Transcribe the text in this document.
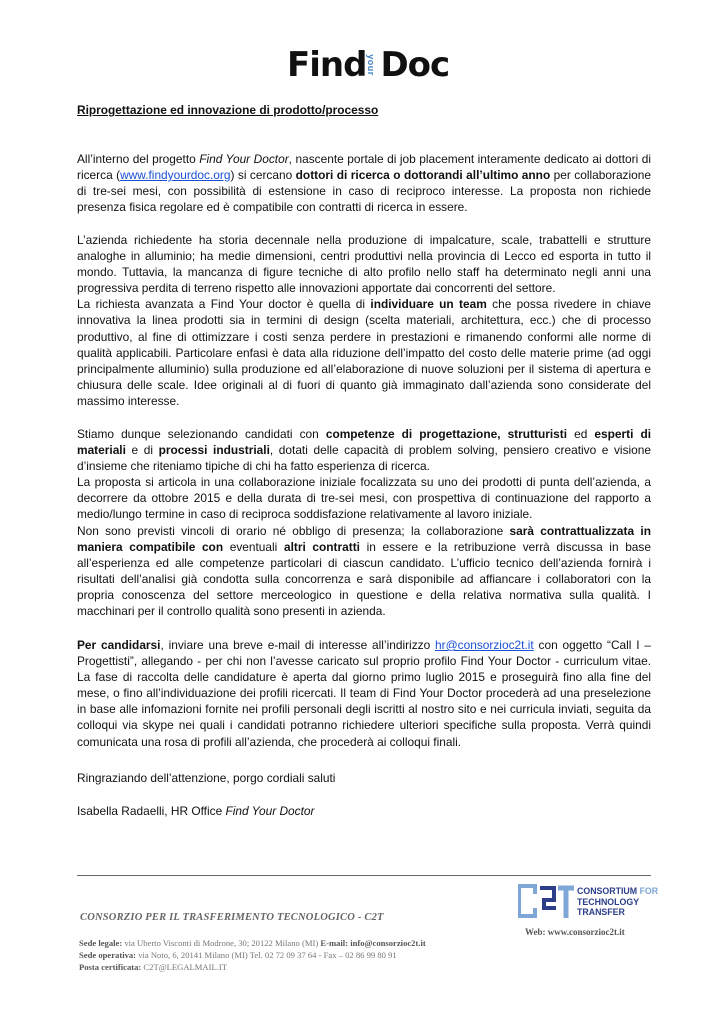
Find your Doc
Riprogettazione ed innovazione di prodotto/processo

All’interno del progetto Find Your Doctor, nascente portale di job placement interamente dedicato ai dottori di ricerca (www.findyourdoc.org) si cercano dottori di ricerca o dottorandi all’ultimo anno per collaborazione di tre-sei mesi, con possibilità di estensione in caso di reciproco interesse. La proposta non richiede presenza fisica regolare ed è compatibile con contratti di ricerca in essere.

L’azienda richiedente ha storia decennale nella produzione di impalcature, scale, trabattelli e strutture analoghe in alluminio; ha medie dimensioni, centri produttivi nella provincia di Lecco ed esporta in tutto il mondo. Tuttavia, la mancanza di figure tecniche di alto profilo nello staff ha determinato negli anni una progressiva perdita di terreno rispetto alle innovazioni apportate dai concorrenti del settore.

La richiesta avanzata a Find Your doctor è quella di individuare un team che possa rivedere in chiave innovativa la linea prodotti sia in termini di design (scelta materiali, architettura, ecc.) che di processo produttivo, al fine di ottimizzare i costi senza perdere in prestazioni e rimanendo conformi alle norme di qualità applicabili. Particolare enfasi è data alla riduzione dell’impatto del costo delle materie prime (ad oggi principalmente alluminio) sulla produzione ed all’elaborazione di nuove soluzioni per il sistema di apertura e chiusura delle scale. Idee originali al di fuori di quanto già immaginato dall’azienda sono considerate del massimo interesse.

Stiamo dunque selezionando candidati con competenze di progettazione, strutturisti ed esperti di materiali e di processi industriali, dotati delle capacità di problem solving, pensiero creativo e visione d’insieme che riteniamo tipiche di chi ha fatto esperienza di ricerca.

La proposta si articola in una collaborazione iniziale focalizzata su uno dei prodotti di punta dell’azienda, a decorrere da ottobre 2015 e della durata di tre-sei mesi, con prospettiva di continuazione del rapporto a medio/lungo termine in caso di reciproca soddisfazione relativamente al lavoro iniziale.

Non sono previsti vincoli di orario né obbligo di presenza; la collaborazione sarà contrattualizzata in maniera compatibile con eventuali altri contratti in essere e la retribuzione verrà discussa in base all’esperienza ed alle competenze particolari di ciascun candidato. L’ufficio tecnico dell’azienda fornirà i risultati dell’analisi già condotta sulla concorrenza e sarà disponibile ad affiancare i collaboratori con la propria conoscenza del settore merceologico in questione e della relativa normativa sulla qualità. I macchinari per il controllo qualità sono presenti in azienda.

Per candidarsi, inviare una breve e-mail di interesse all’indirizzo hr@consorzioc2t.it con oggetto “Call I – Progettisti”, allegando - per chi non l’avesse caricato sul proprio profilo Find Your Doctor - curriculum vitae. La fase di raccolta delle candidature è aperta dal giorno primo luglio 2015 e proseguirà fino alla fine del mese, o fino all’individuazione dei profili ricercati. Il team di Find Your Doctor procederà ad una preselezione in base alle infomazioni fornite nei profili personali degli iscritti al nostro sito e nei curricula inviati, seguita da colloqui via skype nei quali i candidati potranno richiedere ulteriori specifiche sulla proposta. Verrà quindi comunicata una rosa di profili all’azienda, che procederà ai colloqui finali.

Ringraziando dell’attenzione, porgo cordiali saluti
Isabella Radaelli, HR Office Find Your Doctor
CONSORTIUM FOR
TECHNOLOGY
TRANSFER
CONSORZIO PER IL TRASFERIMENTO TECNOLOGICO - C2T
Web: www.consorzioc2t.it
Sede legale: via Uberto Visconti di Modrone, 30; 20122 Milano (MI) E-mail: info@consorzioc2t.it
Sede operativa: via Noto, 6, 20141 Milano (MI) Tel. 02 72 09 37 64 - Fax – 02 86 99 80 91
Posta certificata: C2T@LEGALMAIL.IT
